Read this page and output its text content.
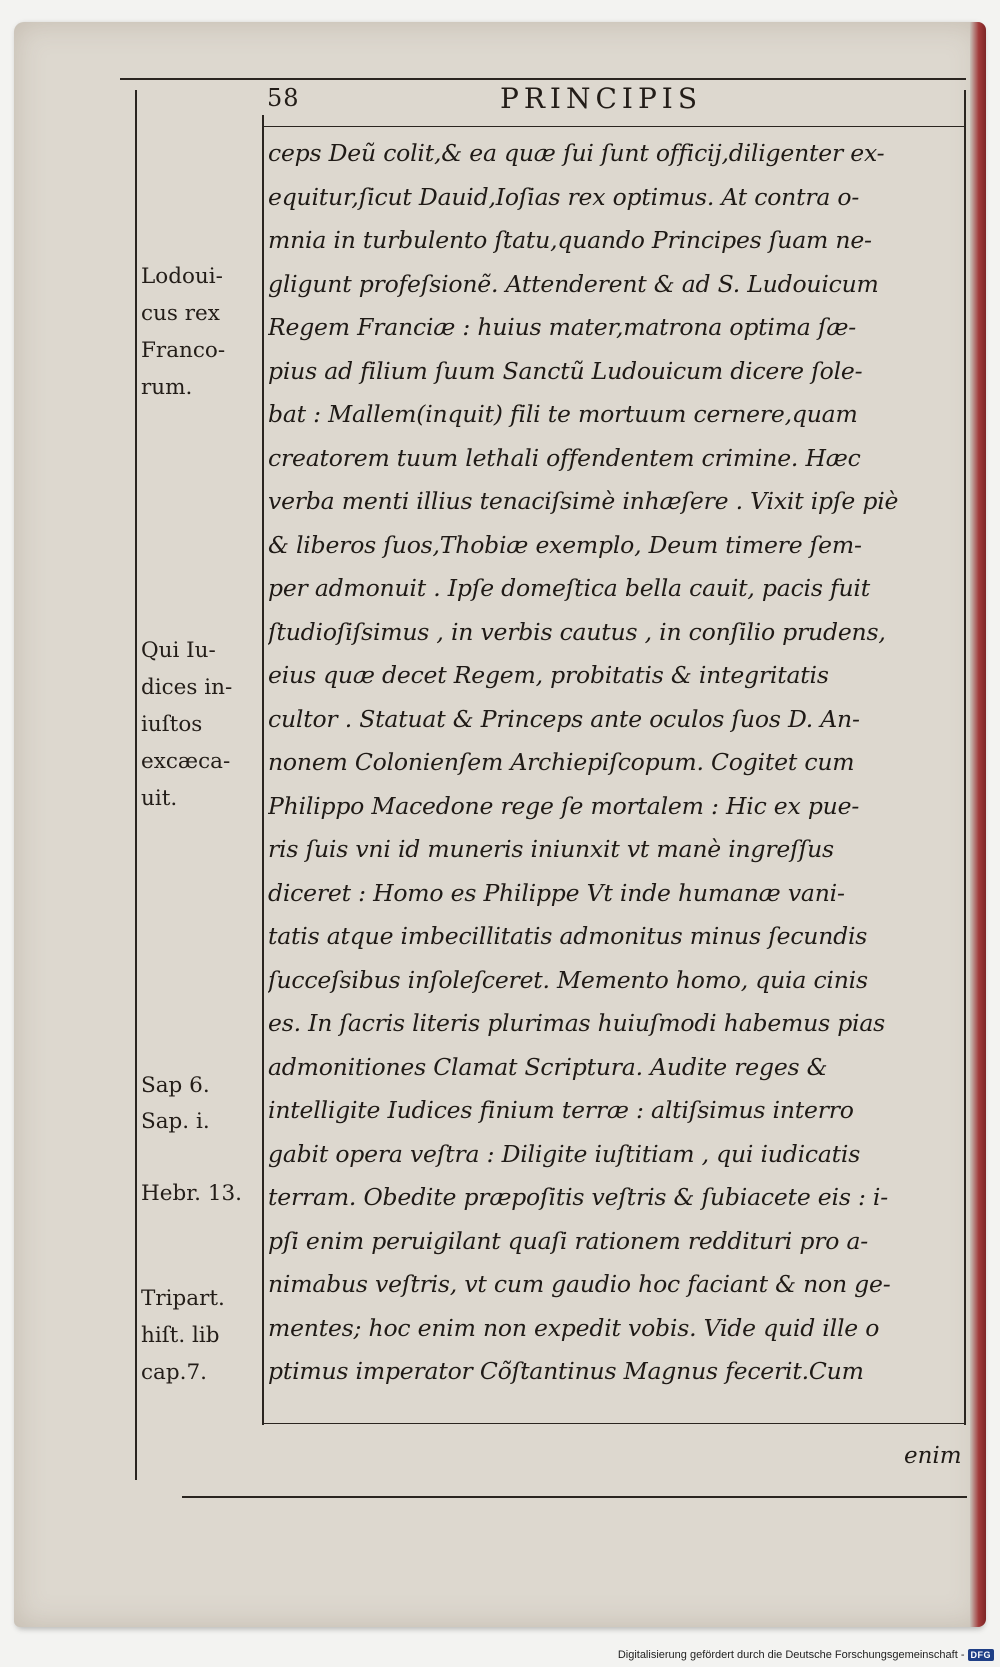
58	PRINCIPIS
ceps Deũ colit,& ea quæ ſui ſunt officij,diligenter ex-
equitur,ſicut Dauid,Ioſias rex optimus. At contra o-
mnia in turbulento ſtatu,quando Principes ſuam ne-
gligunt profeſsionẽ. Attenderent & ad S. Ludouicum
Regem Franciæ : huius mater,matrona optima ſæ-
pius ad filium ſuum Sanctũ Ludouicum dicere ſole-
bat : Mallem(inquit) fili te mortuum cernere,quam
creatorem tuum lethali offendentem crimine. Hæc
verba menti illius tenaciſsimè inhæſere . Vixit ipſe piè
& liberos ſuos,Thobiæ exemplo, Deum timere ſem-
per admonuit . Ipſe domeſtica bella cauit, pacis fuit
ſtudioſiſsimus , in verbis cautus , in conſilio prudens,
eius quæ decet Regem, probitatis & integritatis
cultor . Statuat & Princeps ante oculos ſuos D. An-
nonem Colonienſem Archiepiſcopum. Cogitet cum
Philippo Macedone rege ſe mortalem : Hic ex pue-
ris ſuis vni id muneris iniunxit vt manè ingreſſus
diceret : Homo es Philippe Vt inde humanæ vani-
tatis atque imbecillitatis admonitus minus ſecundis
ſucceſsibus inſoleſceret. Memento homo, quia cinis
es. In ſacris literis plurimas huiuſmodi habemus pias
admonitiones Clamat Scriptura. Audite reges &
intelligite Iudices finium terræ : altiſsimus interro
gabit opera veſtra : Diligite iuſtitiam , qui iudicatis
terram. Obedite præpoſitis veſtris & ſubiacete eis : i-
pſi enim peruigilant quaſi rationem reddituri pro a-
nimabus veſtris, vt cum gaudio hoc faciant & non ge-
mentes; hoc enim non expedit vobis. Vide quid ille o
ptimus imperator Cõſtantinus Magnus fecerit.Cum
enim
Lodoui-
cus rex
Franco-
rum.
Qui Iu-
dices in-
iuſtos
excæca-
uit.
Sap 6.
Sap. i.
Hebr. 13.
Tripart.
hiſt. lib
cap.7.
Digitalisierung gefördert durch die Deutsche Forschungsgemeinschaft - DFG
